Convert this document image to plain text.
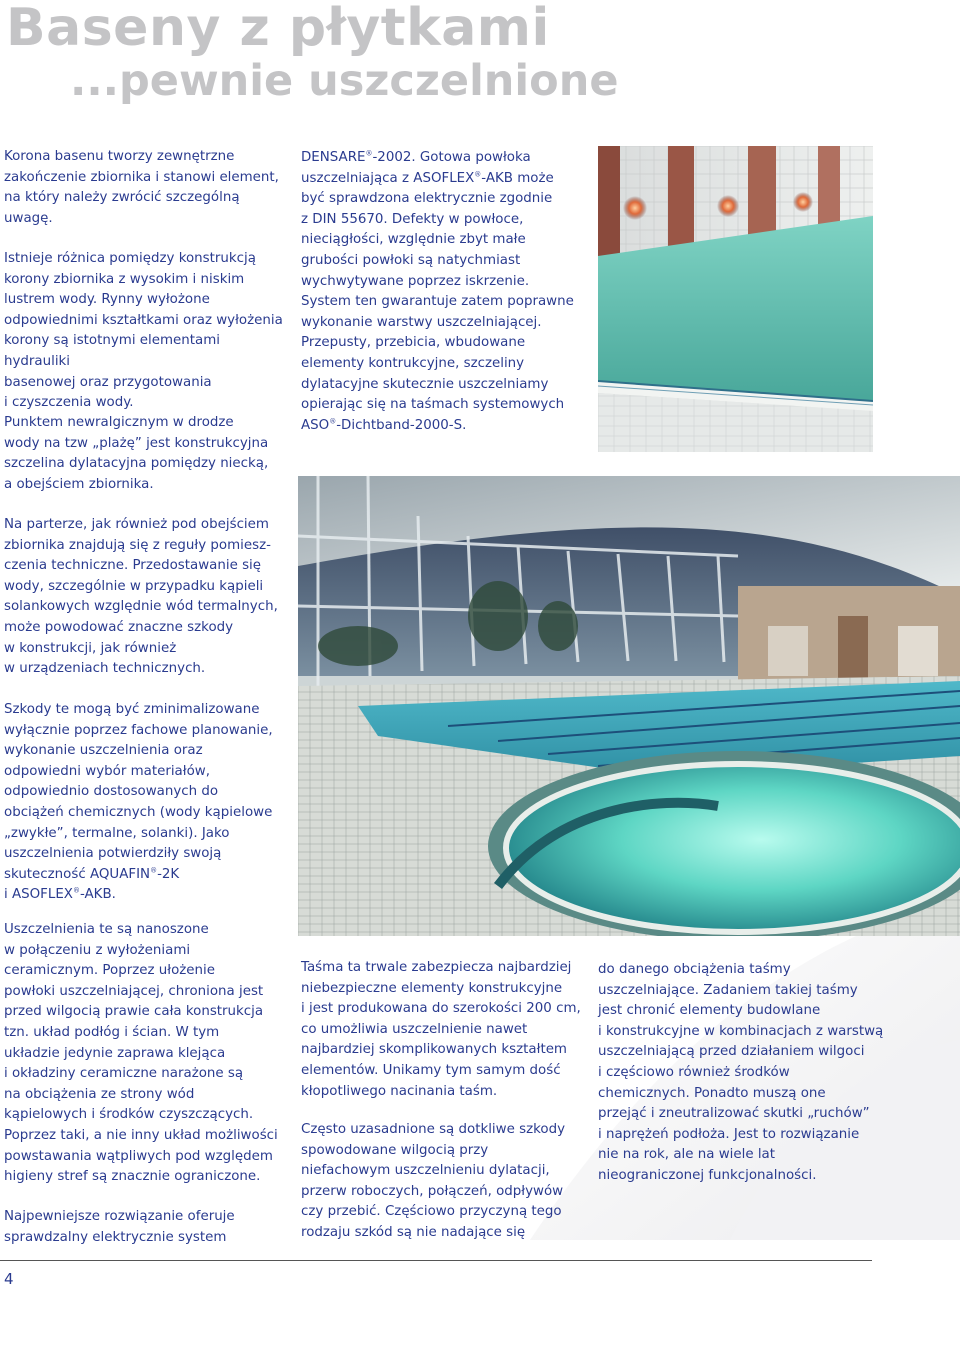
Baseny z płytkami
...pewnie uszczelnione

Korona basenu tworzy zewnętrzne
zakończenie zbiornika i stanowi element,
na który należy zwrócić szczególną
uwagę.

Istnieje różnica pomiędzy konstrukcją
korony zbiornika z wysokim i niskim
lustrem wody. Rynny wyłożone
odpowiednimi kształtkami oraz wyłożenia
korony są istotnymi elementami hydrauliki
basenowej oraz przygotowania
i czyszczenia wody.

Punktem newralgicznym w drodze
wody na tzw „plażę” jest konstrukcyjna
szczelina dylatacyjna pomiędzy niecką,
a obejściem zbiornika.

Na parterze, jak również pod obejściem
zbiornika znajdują się z reguły pomiesz-
czenia techniczne. Przedostawanie się
wody, szczególnie w przypadku kąpieli
solankowych względnie wód termalnych,
może powodować znaczne szkody
w konstrukcji, jak również
w urządzeniach technicznych.

Szkody te mogą być zminimalizowane
wyłącznie poprzez fachowe planowanie,
wykonanie uszczelnienia oraz
odpowiedni wybór materiałów,
odpowiednio dostosowanych do
obciążeń chemicznych (wody kąpielowe
„zwykłe”, termalne, solanki). Jako
uszczelnienia potwierdziły swoją
skuteczność AQUAFIN®-2K
i ASOFLEX®-AKB.

Uszczelnienia te są nanoszone
w połączeniu z wyłożeniami
ceramicznym. Poprzez ułożenie
powłoki uszczelniającej, chroniona jest
przed wilgocią prawie cała konstrukcja
tzn. układ podłóg i ścian. W tym
układzie jedynie zaprawa klejąca
i okładziny ceramiczne narażone są
na obciążenia ze strony wód
kąpielowych i środków czyszczących.
Poprzez taki, a nie inny układ możliwości
powstawania wątpliwych pod względem
higieny stref są znacznie ograniczone.

Najpewniejsze rozwiązanie oferuje
sprawdzalny elektrycznie system

DENSARE®-2002. Gotowa powłoka
uszczelniająca z ASOFLEX®-AKB może
być sprawdzona elektrycznie zgodnie
z DIN 55670. Defekty w powłoce,
nieciągłości, względnie zbyt małe
grubości powłoki są natychmiast
wychwytywane poprzez iskrzenie.
System ten gwarantuje zatem poprawne
wykonanie warstwy uszczelniającej.
Przepusty, przebicia, wbudowane
elementy kontrukcyjne, szczeliny
dylatacyjne skutecznie uszczelniamy
opierając się na taśmach systemowych
ASO®-Dichtband-2000-S.

Taśma ta trwale zabezpiecza najbardziej
niebezpieczne elementy konstrukcyjne
i jest produkowana do szerokości 200 cm,
co umożliwia uszczelnienie nawet
najbardziej skomplikowanych kształtem
elementów. Unikamy tym samym dość
kłopotliwego nacinania taśm.

Często uzasadnione są dotkliwe szkody
spowodowane wilgocią przy
niefachowym uszczelnieniu dylatacji,
przerw roboczych, połączeń, odpływów
czy przebić. Częściowo przyczyną tego
rodzaju szkód są nie nadające się

do danego obciążenia taśmy
uszczelniające. Zadaniem takiej taśmy
jest chronić elementy budowlane
i konstrukcyjne w kombinacjach z warstwą
uszczelniającą przed działaniem wilgoci
i częściowo również środków
chemicznych. Ponadto muszą one
przejąć i zneutralizować skutki „ruchów”
i naprężeń podłoża. Jest to rozwiązanie
nie na rok, ale na wiele lat
nieograniczonej funkcjonalności.

4
